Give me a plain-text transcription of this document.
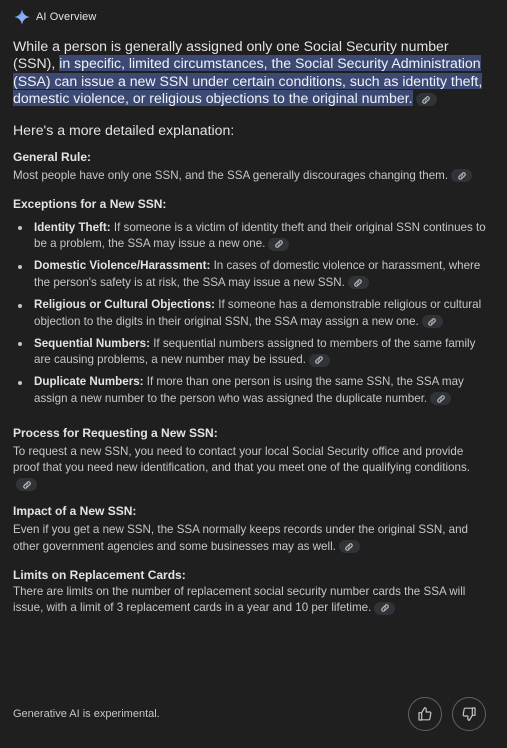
AI Overview

While a person is generally assigned only one Social Security number (SSN), in specific, limited circumstances, the Social Security Administration (SSA) can issue a new SSN under certain conditions, such as identity theft, domestic violence, or religious objections to the original number.

Here's a more detailed explanation:

General Rule:

Most people have only one SSN, and the SSA generally discourages changing them.

Exceptions for a New SSN:

Identity Theft: If someone is a victim of identity theft and their original SSN continues to be a problem, the SSA may issue a new one.
Domestic Violence/Harassment: In cases of domestic violence or harassment, where the person's safety is at risk, the SSA may issue a new SSN.
Religious or Cultural Objections: If someone has a demonstrable religious or cultural objection to the digits in their original SSN, the SSA may assign a new one.
Sequential Numbers: If sequential numbers assigned to members of the same family are causing problems, a new number may be issued.
Duplicate Numbers: If more than one person is using the same SSN, the SSA may assign a new number to the person who was assigned the duplicate number.

Process for Requesting a New SSN:

To request a new SSN, you need to contact your local Social Security office and provide proof that you need new identification, and that you meet one of the qualifying conditions.

Impact of a New SSN:

Even if you get a new SSN, the SSA normally keeps records under the original SSN, and other government agencies and some businesses may as well.

Limits on Replacement Cards:

There are limits on the number of replacement social security number cards the SSA will issue, with a limit of 3 replacement cards in a year and 10 per lifetime.

Generative AI is experimental.
